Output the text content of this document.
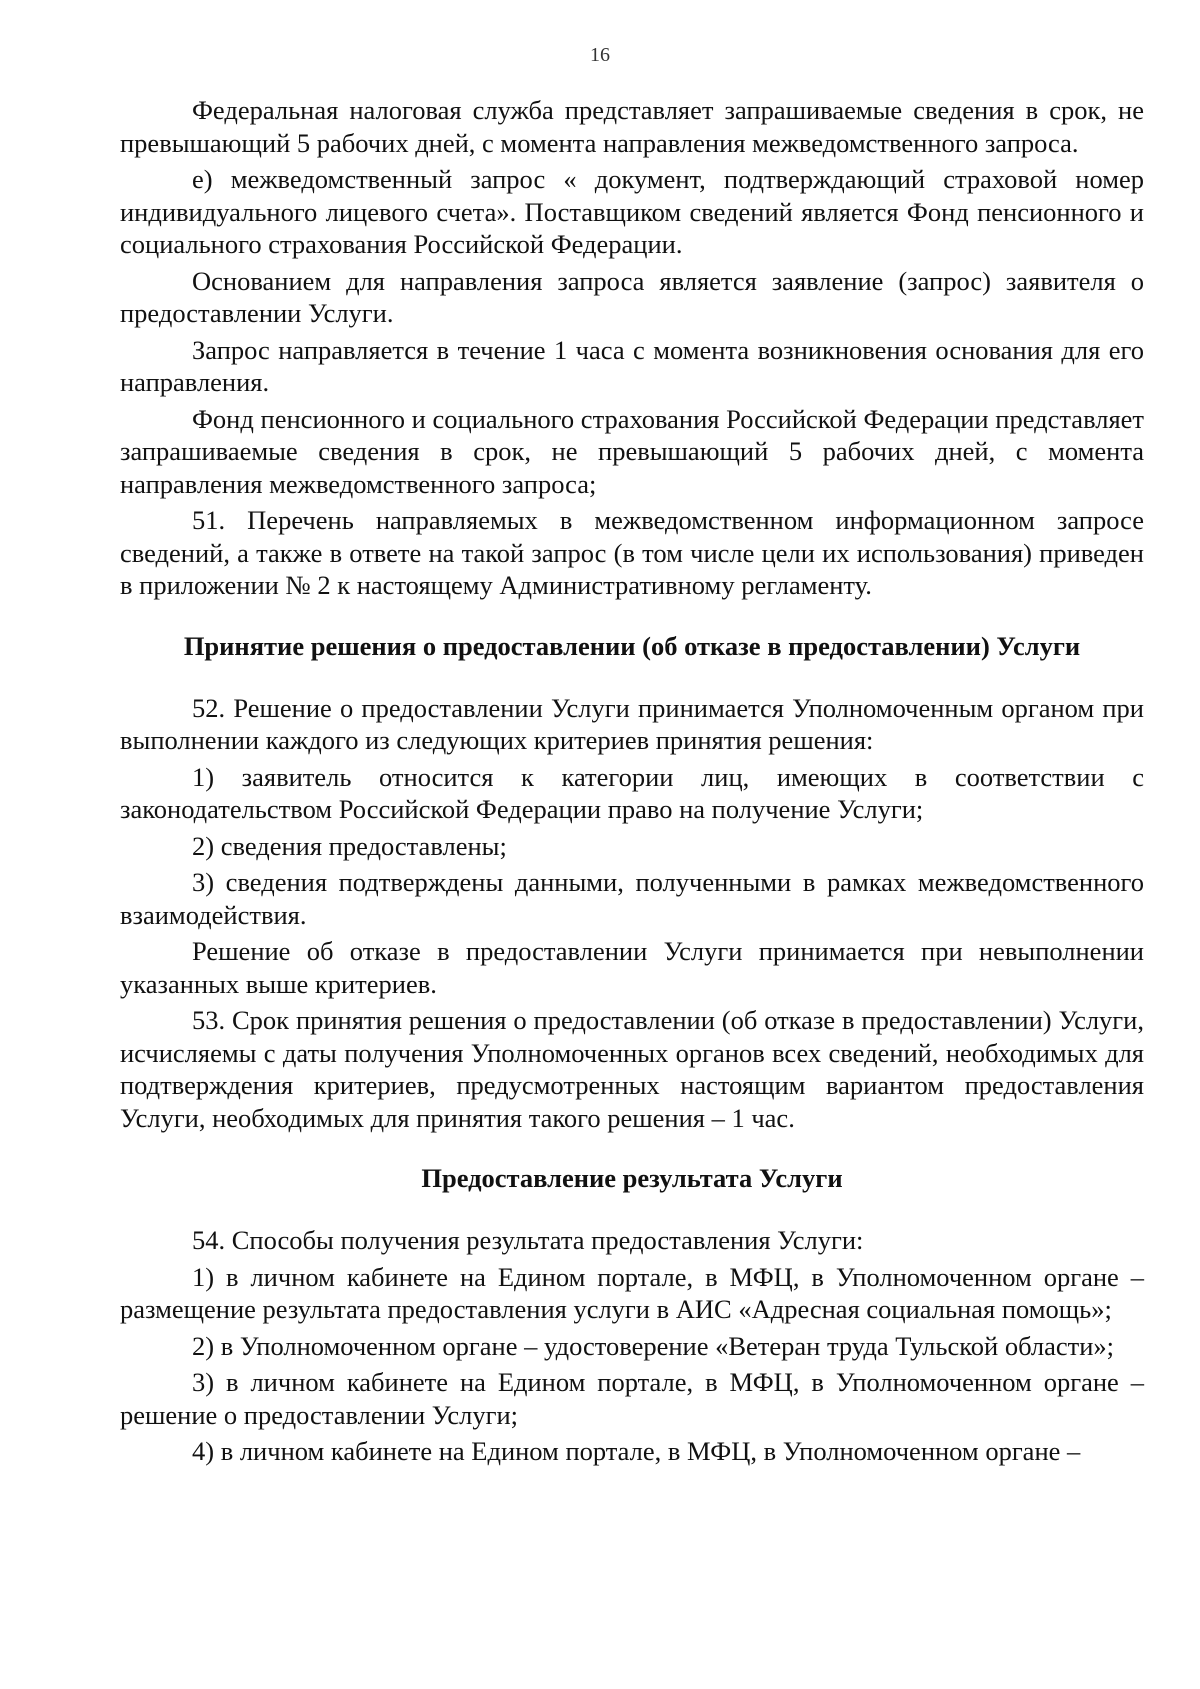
16

Федеральная налоговая служба представляет запрашиваемые сведения в срок, не превышающий 5 рабочих дней, с момента направления межведомственного запроса.

е) межведомственный запрос « документ, подтверждающий страховой номер индивидуального лицевого счета». Поставщиком сведений является Фонд пенсионного и социального страхования Российской Федерации.

Основанием для направления запроса является заявление (запрос) заявителя о предоставлении Услуги.

Запрос направляется в течение 1 часа с момента возникновения основания для его направления.

Фонд пенсионного и социального страхования Российской Федерации представляет запрашиваемые сведения в срок, не превышающий 5 рабочих дней, с момента направления межведомственного запроса;

51. Перечень направляемых в межведомственном информационном запросе сведений, а также в ответе на такой запрос (в том числе цели их использования) приведен в приложении № 2 к настоящему Административному регламенту.

Принятие решения о предоставлении (об отказе в предоставлении) Услуги

52. Решение о предоставлении Услуги принимается Уполномоченным органом при выполнении каждого из следующих критериев принятия решения:

1) заявитель относится к категории лиц, имеющих в соответствии с законодательством Российской Федерации право на получение Услуги;

2) сведения предоставлены;

3) сведения подтверждены данными, полученными в рамках межведомственного взаимодействия.

Решение об отказе в предоставлении Услуги принимается при невыполнении указанных выше критериев.

53. Срок принятия решения о предоставлении (об отказе в предоставлении) Услуги, исчисляемы с даты получения Уполномоченных органов всех сведений, необходимых для подтверждения критериев, предусмотренных настоящим вариантом предоставления Услуги, необходимых для принятия такого решения – 1 час.

Предоставление результата Услуги

54. Способы получения результата предоставления Услуги:

1) в личном кабинете на Едином портале, в МФЦ, в Уполномоченном органе – размещение результата предоставления услуги в АИС «Адресная социальная помощь»;

2) в Уполномоченном органе – удостоверение «Ветеран труда Тульской области»;

3) в личном кабинете на Едином портале, в МФЦ, в Уполномоченном органе – решение о предоставлении Услуги;

4) в личном кабинете на Едином портале, в МФЦ, в Уполномоченном органе –
